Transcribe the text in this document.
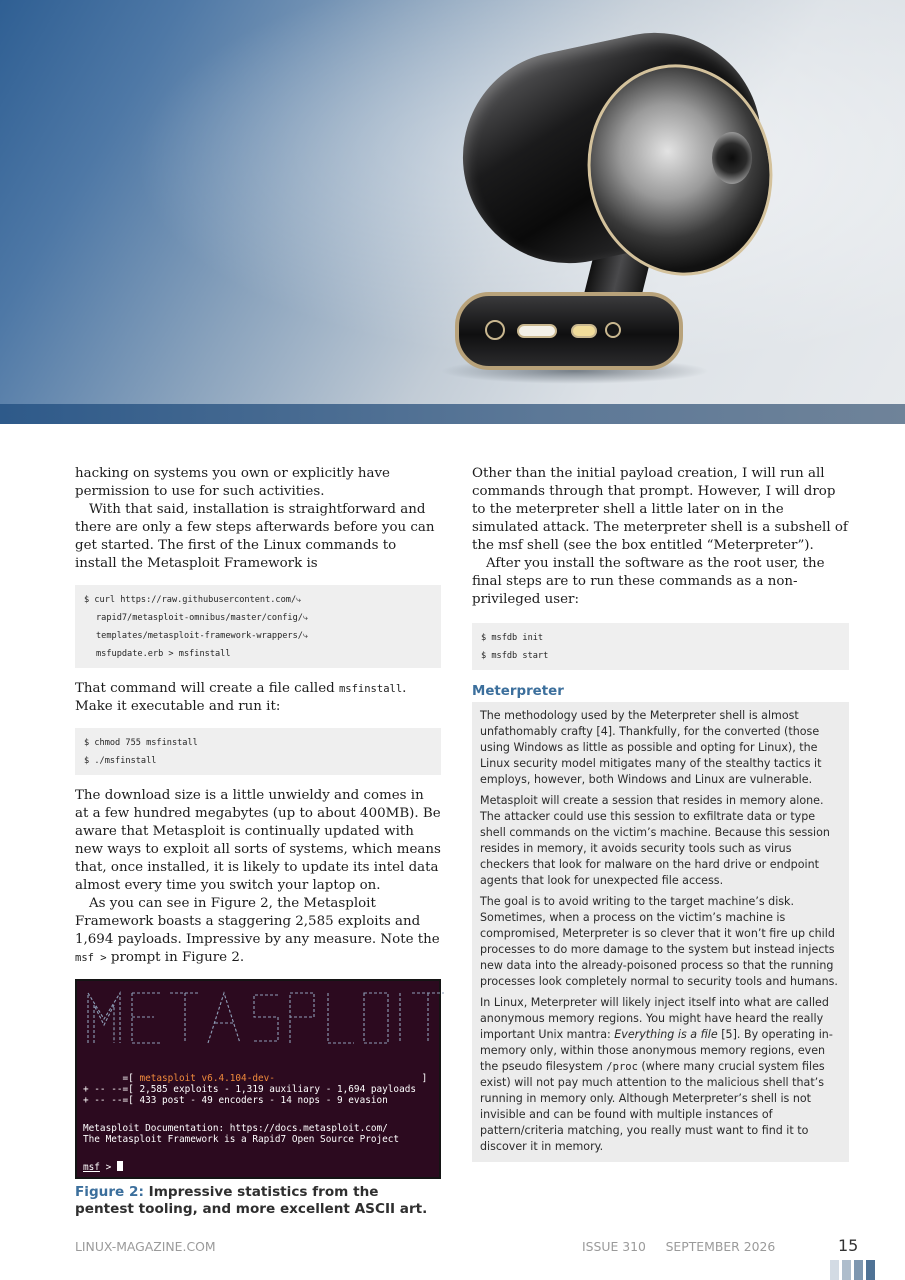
hacking on systems you own or explicitly have permission to use for such activities.

With that said, installation is straightforward and there are only a few steps afterwards before you can get started. The first of the Linux commands to install the Metasploit Framework is

$ curl https://raw.githubusercontent.com/⤷
rapid7/metasploit-omnibus/master/config/⤷
templates/metasploit-framework-wrappers/⤷
msfupdate.erb > msfinstall

That command will create a file called msfinstall. Make it executable and run it:

$ chmod 755 msfinstall
$ ./msfinstall

The download size is a little unwieldy and comes in at a few hundred megabytes (up to about 400MB). Be aware that Metasploit is continually updated with new ways to exploit all sorts of systems, which means that, once installed, it is likely to update its intel data almost every time you switch your laptop on.

As you can see in Figure 2, the Metasploit Framework boasts a staggering 2,585 exploits and 1,694 payloads. Impressive by any measure. Note the msf > prompt in Figure 2.

=[ metasploit v6.4.104-dev-                          ]
+ -- --=[ 2,585 exploits - 1,319 auxiliary - 1,694 payloads     ]
+ -- --=[ 433 post - 49 encoders - 14 nops - 9 evasion           ]
Metasploit Documentation: https://docs.metasploit.com/
The Metasploit Framework is a Rapid7 Open Source Project
msf >
Figure 2: Impressive statistics from the pentest tooling, and more excellent ASCII art.

Other than the initial payload creation, I will run all commands through that prompt. However, I will drop to the meterpreter shell a little later on in the simulated attack. The meterpreter shell is a subshell of the msf shell (see the box entitled “Meterpreter”).

After you install the software as the root user, the final steps are to run these commands as a non-privileged user:

$ msfdb init
$ msfdb start
Meterpreter

The methodology used by the Meterpreter shell is almost unfathomably crafty [4]. Thankfully, for the converted (those using Windows as little as possible and opting for Linux), the Linux security model mitigates many of the stealthy tactics it employs, however, both Windows and Linux are vulnerable.

Metasploit will create a session that resides in memory alone. The attacker could use this session to exfiltrate data or type shell commands on the victim’s machine. Because this session resides in memory, it avoids security tools such as virus checkers that look for malware on the hard drive or endpoint agents that look for unexpected file access.

The goal is to avoid writing to the target machine’s disk. Sometimes, when a process on the victim’s machine is compromised, Meterpreter is so clever that it won’t fire up child processes to do more damage to the system but instead injects new data into the already-poisoned process so that the running processes look completely normal to security tools and humans.

In Linux, Meterpreter will likely inject itself into what are called anonymous memory regions. You might have heard the really important Unix mantra: Everything is a file [5]. By operating in-memory only, within those anonymous memory regions, even the pseudo filesystem /proc (where many crucial system files exist) will not pay much attention to the malicious shell that’s running in memory only. Although Meterpreter’s shell is not invisible and can be found with multiple instances of pattern/criteria matching, you really must want to find it to discover it in memory.

LINUX-MAGAZINE.COM	ISSUE 310     SEPTEMBER 2026	15
